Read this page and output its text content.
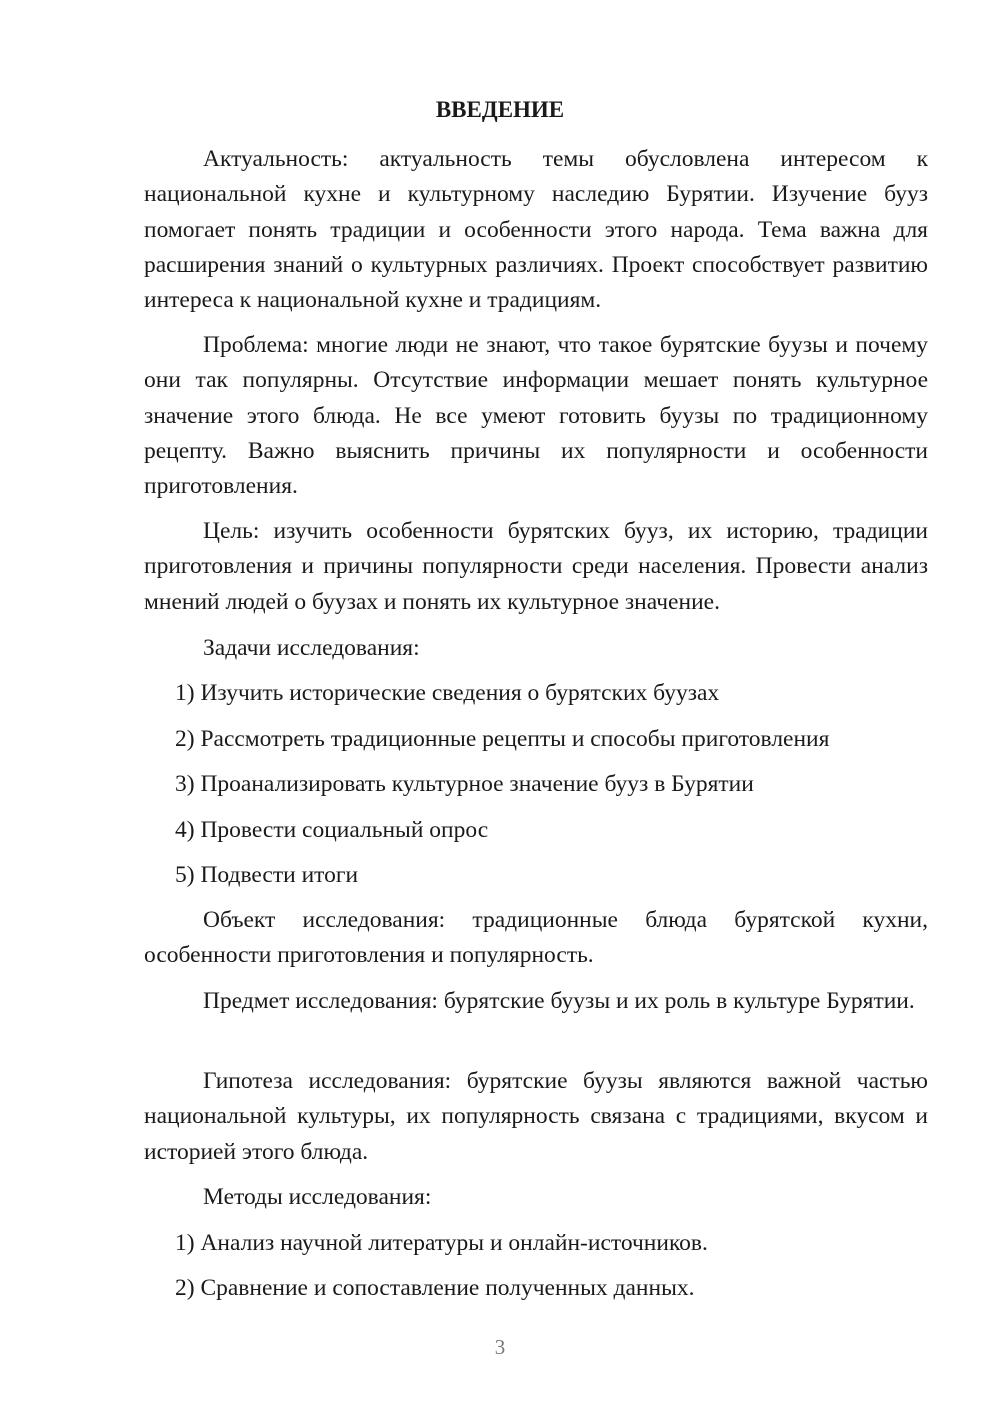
ВВЕДЕНИЕ

Актуальность: актуальность темы обусловлена интересом к национальной кухне и культурному наследию Бурятии. Изучение бууз помогает понять традиции и особенности этого народа. Тема важна для расширения знаний о культурных различиях. Проект способствует развитию интереса к национальной кухне и традициям.

Проблема: многие люди не знают, что такое бурятские буузы и почему они так популярны. Отсутствие информации мешает понять культурное значение этого блюда. Не все умеют готовить буузы по традиционному рецепту. Важно выяснить причины их популярности и особенности приготовления.

Цель: изучить особенности бурятских бууз, их историю, традиции приготовления и причины популярности среди населения. Провести анализ мнений людей о буузах и понять их культурное значение.

Задачи исследования:

1) Изучить исторические сведения о бурятских буузах

2) Рассмотреть традиционные рецепты и способы приготовления

3) Проанализировать культурное значение бууз в Бурятии

4) Провести социальный опрос

5) Подвести итоги

Объект исследования: традиционные блюда бурятской кухни, особенности приготовления и популярность.

Предмет исследования: бурятские буузы и их роль в культуре Бурятии.

Гипотеза исследования: бурятские буузы являются важной частью национальной культуры, их популярность связана с традициями, вкусом и историей этого блюда.

Методы исследования:

1) Анализ научной литературы и онлайн-источников.

2) Сравнение и сопоставление полученных данных.

3
